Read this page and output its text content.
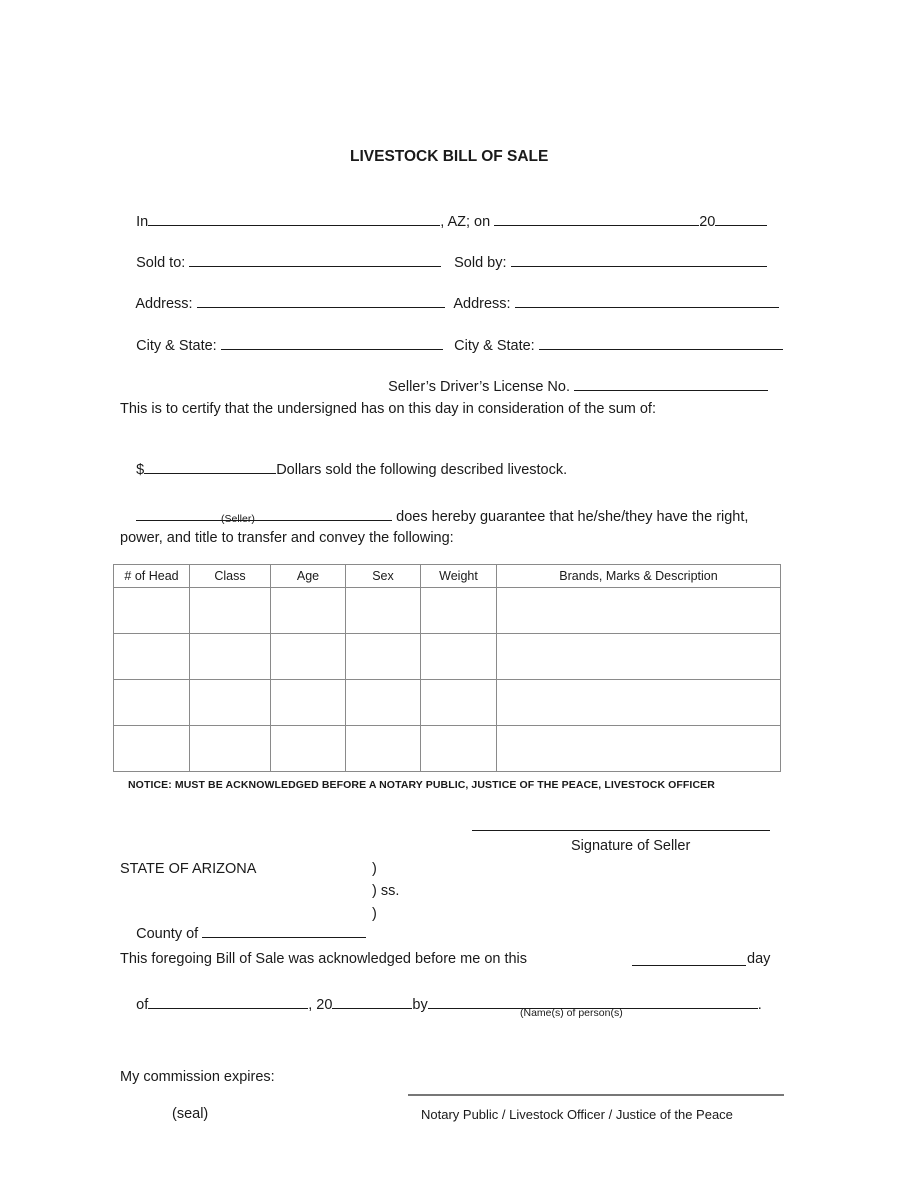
LIVESTOCK BILL OF SALE

In	, AZ; on	20

Sold to:
	Sold by:

Address:
	Address:

City & State:
	City & State:

Seller’s Driver’s License No.

This is to certify that the undersigned has on this day in consideration of the sum of:

$	Dollars sold the following described livestock.

does hereby guarantee that he/she/they have the right,

(Seller)
power, and title to transfer and convey the following:
# of Head	Class	Age	Sex	Weight	Brands, Marks & Description

NOTICE: MUST BE ACKNOWLEDGED BEFORE A NOTARY PUBLIC, JUSTICE OF THE PEACE, LIVESTOCK OFFICER
Signature of Seller
STATE OF ARIZONA	)
) ss.

County of

)
This foregoing Bill of Sale was acknowledged before me on this	day

of	, 20	by	.

(Name(s) of person(s)
My commission expires:
(seal)	Notary Public / Livestock Officer / Justice of the Peace
